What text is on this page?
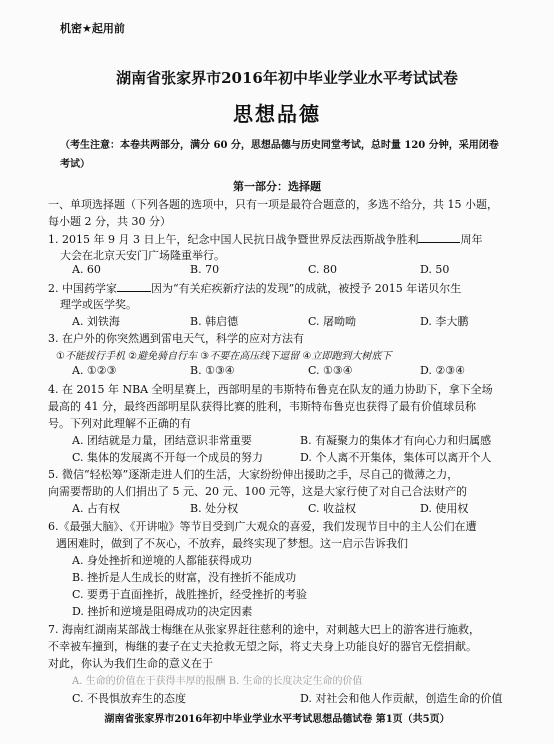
机密★起用前
湖南省张家界市2016年初中毕业学业水平考试试卷
思想品德
（考生注意：本卷共两部分，满分 60 分，思想品德与历史同堂考试，总时量 120 分钟，采用闭卷考试）
第一部分：选择题
一、单项选择题（下列各题的选项中，只有一项是最符合题意的，多选不给分，共 15 小题，每小题 2 分，共 30 分）
1. 2015 年 9 月 3 日上午，纪念中国人民抗日战争暨世界反法西斯战争胜利	周年
大会在北京天安门广场隆重举行。
A. 60	B. 70	C. 80	D. 50
2. 中国药学家	因为“有关疟疾新疗法的发现”的成就，被授予 2015 年诺贝尔生
理学或医学奖。
A. 刘铁海	B. 韩启德	C. 屠呦呦	D. 李大鹏
3. 在户外的你突然遇到雷电天气，科学的应对方法有
①不能拔行手机 ②避免骑自行车 ③不要在高压线下逗留 ④立即跑到大树底下
A. ①②③	B. ①③④	C. ①③④	D. ②③④
4. 在 2015 年 NBA 全明星赛上，西部明星的韦斯特布鲁克在队友的通力协助下，拿下全场
最高的 41 分，最终西部明星队获得比赛的胜利，韦斯特布鲁克也获得了最有价值球员称
号。下列对此理解不正确的有
A. 团结就是力量，团结意识非常重要	B. 有凝聚力的集体才有向心力和归属感
C. 集体的发展离不开每一个成员的努力	D. 个人离不开集体，集体可以离开个人
5. 微信“轻松筹”逐渐走进人们的生活，大家纷纷伸出援助之手，尽自己的微薄之力，
向需要帮助的人们捐出了 5 元、20 元、100 元等，这是大家行使了对自己合法财产的
A. 占有权	B. 处分权	C. 收益权	D. 使用权
6.《最强大脑》、《开讲啦》等节目受到广大观众的喜爱，我们发现节目中的主人公们在遭
遇困难时，做到了不灰心，不放弃，最终实现了梦想。这一启示告诉我们
A. 身处挫折和逆境的人都能获得成功
B. 挫折是人生成长的财富，没有挫折不能成功
C. 要勇于直面挫折，战胜挫折，经受挫折的考验
D. 挫折和逆境是阻碍成功的决定因素
7. 海南红湖南某部战士梅继在从张家界赶往慈利的途中，对刺越大巴上的游客进行施救，
不幸被车撞到，梅继的妻子在丈夫抢救无望之际，将丈夫身上功能良好的器官无偿捐献。
对此，你认为我们生命的意义在于
A. 生命的价值在于获得丰厚的报酬 B. 生命的长度决定生命的价值
C. 不畏惧放弃生的态度	D. 对社会和他人作贡献，创造生命的价值
湖南省张家界市2016年初中毕业学业水平考试思想品德试卷 第1页（共5页）
